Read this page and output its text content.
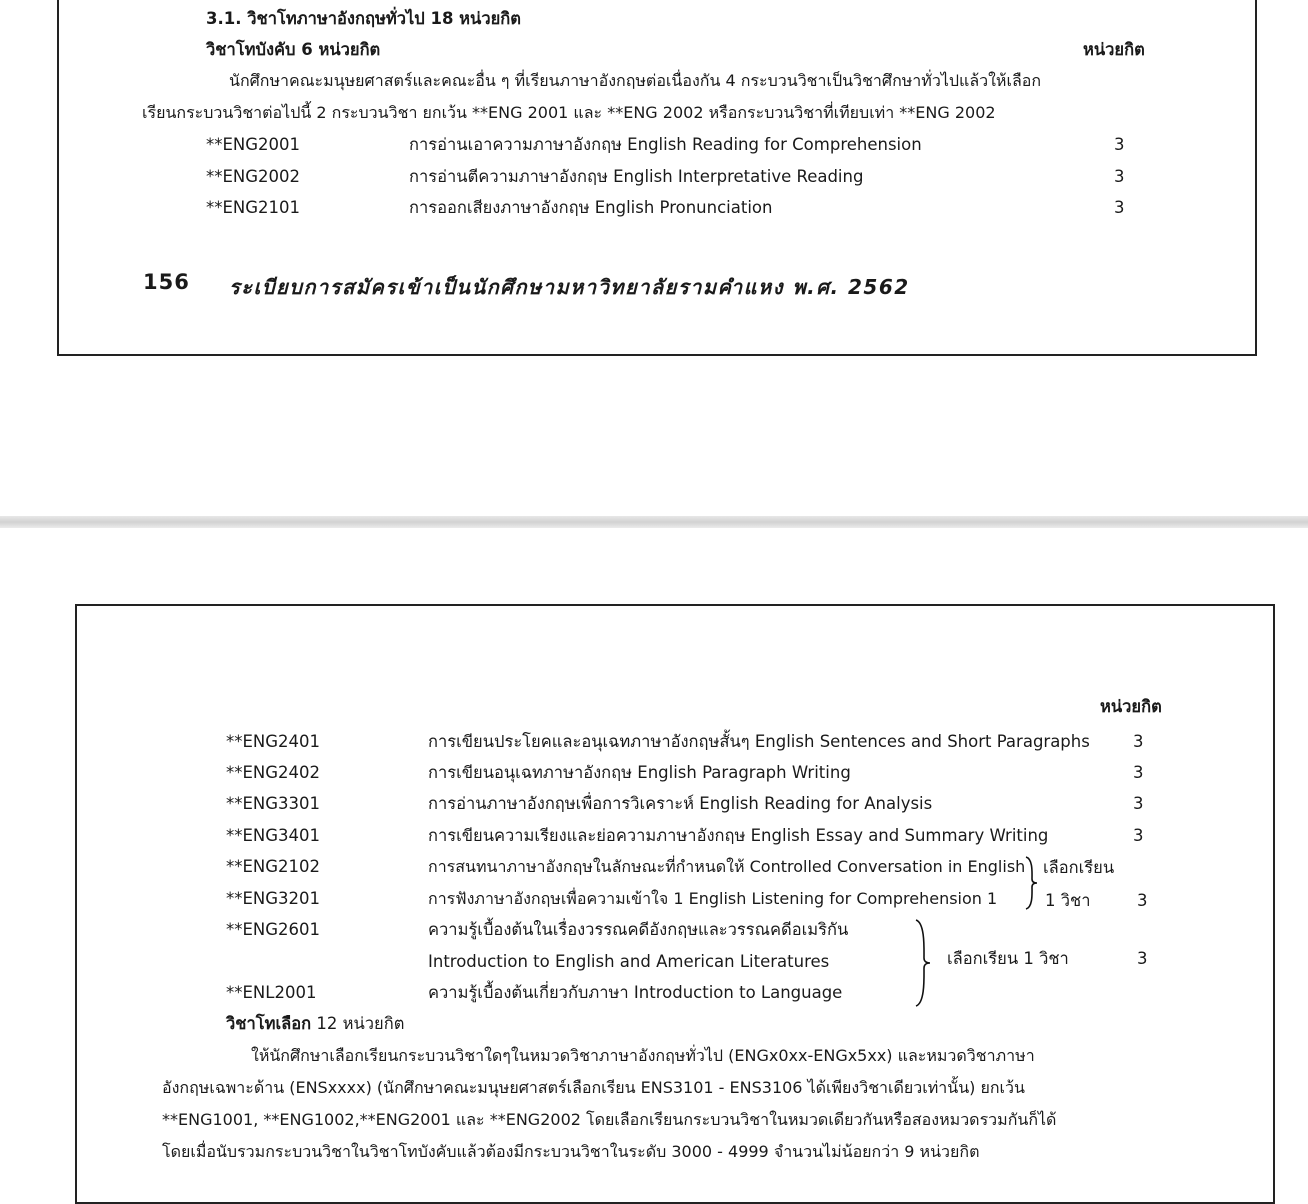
3.1. วิชาโทภาษาอังกฤษทั่วไป 18 หน่วยกิต
วิชาโทบังคับ 6 หน่วยกิต	หน่วยกิต
นักศึกษาคณะมนุษยศาสตร์และคณะอื่น ๆ ที่เรียนภาษาอังกฤษต่อเนื่องกัน 4 กระบวนวิชาเป็นวิชาศึกษาทั่วไปแล้วให้เลือก
เรียนกระบวนวิชาต่อไปนี้ 2 กระบวนวิชา ยกเว้น **ENG 2001 และ **ENG 2002 หรือกระบวนวิชาที่เทียบเท่า **ENG 2002
**ENG2001	การอ่านเอาความภาษาอังกฤษ English Reading for Comprehension	3
**ENG2002	การอ่านตีความภาษาอังกฤษ English Interpretative Reading	3
**ENG2101	การออกเสียงภาษาอังกฤษ English Pronunciation	3
156 ระเบียบการสมัครเข้าเป็นนักศึกษามหาวิทยาลัยรามคำแหง พ.ศ. 2562
หน่วยกิต
**ENG2401	การเขียนประโยคและอนุเฉทภาษาอังกฤษสั้นๆ English Sentences and Short Paragraphs	3
**ENG2402	การเขียนอนุเฉทภาษาอังกฤษ English Paragraph Writing	3
**ENG3301	การอ่านภาษาอังกฤษเพื่อการวิเคราะห์ English Reading for Analysis	3
**ENG3401	การเขียนความเรียงและย่อความภาษาอังกฤษ English Essay and Summary Writing	3
**ENG2102	การสนทนาภาษาอังกฤษในลักษณะที่กำหนดให้ Controlled Conversation in English
**ENG3201	การฟังภาษาอังกฤษเพื่อความเข้าใจ 1 English Listening for Comprehension 1
เลือกเรียน
1 วิชา	3
**ENG2601	ความรู้เบื้องต้นในเรื่องวรรณคดีอังกฤษและวรรณคดีอเมริกัน
Introduction to English and American Literatures
**ENL2001	ความรู้เบื้องต้นเกี่ยวกับภาษา Introduction to Language
เลือกเรียน 1 วิชา	3
วิชาโทเลือก 12 หน่วยกิต
ให้นักศึกษาเลือกเรียนกระบวนวิชาใดๆในหมวดวิชาภาษาอังกฤษทั่วไป (ENGx0xx-ENGx5xx) และหมวดวิชาภาษา
อังกฤษเฉพาะด้าน (ENSxxxx) (นักศึกษาคณะมนุษยศาสตร์เลือกเรียน ENS3101 - ENS3106 ได้เพียงวิชาเดียวเท่านั้น) ยกเว้น
**ENG1001, **ENG1002,**ENG2001 และ **ENG2002 โดยเลือกเรียนกระบวนวิชาในหมวดเดียวกันหรือสองหมวดรวมกันก็ได้
โดยเมื่อนับรวมกระบวนวิชาในวิชาโทบังคับแล้วต้องมีกระบวนวิชาในระดับ 3000 - 4999 จำนวนไม่น้อยกว่า 9 หน่วยกิต
